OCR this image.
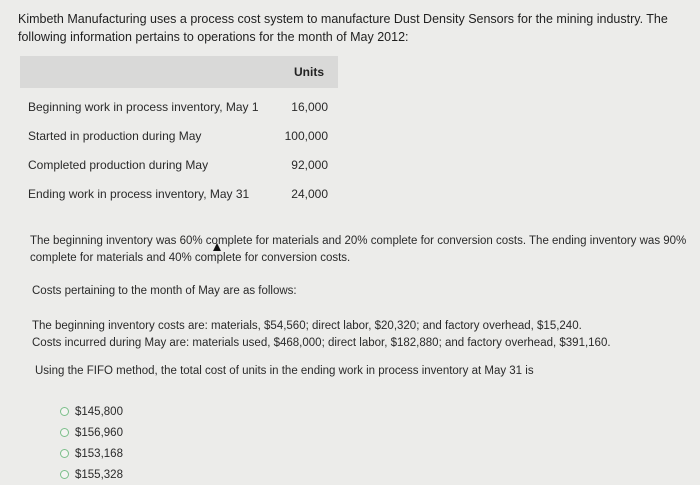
Kimbeth Manufacturing uses a process cost system to manufacture Dust Density Sensors for the mining industry. The following information pertains to operations for the month of May 2012:
Units
Beginning work in process inventory, May 1	16,000
Started in production during May	100,000
Completed production during May	92,000
Ending work in process inventory, May 31	24,000
The beginning inventory was 60% complete for materials and 20% complete for conversion costs. The ending inventory was 90% complete for materials and 40% complete for conversion costs.
Costs pertaining to the month of May are as follows:
The beginning inventory costs are: materials, $54,560; direct labor, $20,320; and factory overhead, $15,240.
Costs incurred during May are: materials used, $468,000; direct labor, $182,880; and factory overhead, $391,160.
Using the FIFO method, the total cost of units in the ending work in process inventory at May 31 is
$145,800
$156,960
$153,168
$155,328
